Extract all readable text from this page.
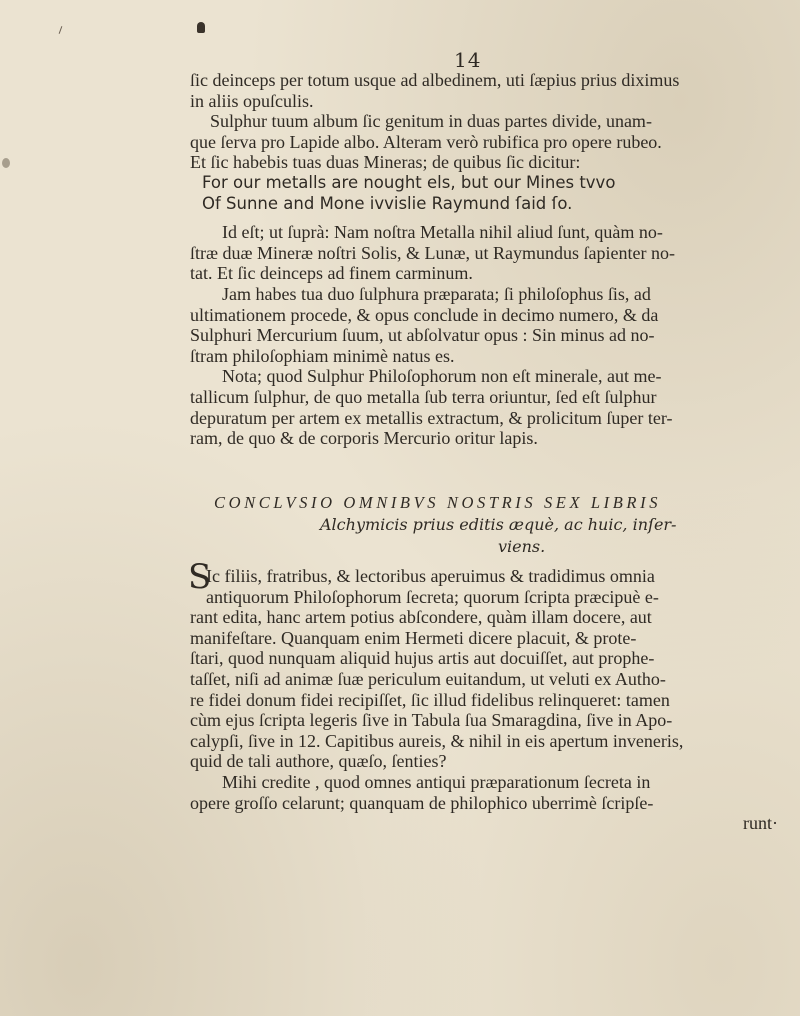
14
ſic deinceps per totum usque ad albedinem, uti ſæpius prius diximus
in aliis opuſculis.
Sulphur tuum album ſic genitum in duas partes divide, unam-
que ſerva pro Lapide albo. Alteram verò rubifica pro opere rubeo.
Et ſic habebis tuas duas Mineras; de quibus ſic dicitur:
For our metalls are nought els, but our Mines tvvo
Of Sunne and Mone ivvislie Raymund ſaid ſo.
Id eſt; ut ſuprà: Nam noſtra Metalla nihil aliud ſunt, quàm no-
ſtræ duæ Mineræ noſtri Solis, & Lunæ, ut Raymundus ſapienter no-
tat. Et ſic deinceps ad finem carminum.
Jam habes tua duo ſulphura præparata; ſi philoſophus ſis, ad
ultimationem procede, & opus conclude in decimo numero, & da
Sulphuri Mercurium ſuum, ut abſolvatur opus : Sin minus ad no-
ſtram philoſophiam minimè natus es.
Nota; quod Sulphur Philoſophorum non eſt minerale, aut me-
tallicum ſulphur, de quo metalla ſub terra oriuntur, ſed eſt ſulphur
depuratum per artem ex metallis extractum, & prolicitum ſuper ter-
ram, de quo & de corporis Mercurio oritur lapis.
CONCLVSIO OMNIBVS NOSTRIS SEX LIBRIS
Alchymicis prius editis æquè, ac huic, inſer-
viens.
S
Ic filiis, fratribus, & lectoribus aperuimus & tradidimus omnia
antiquorum Philoſophorum ſecreta; quorum ſcripta præcipuè e-
rant edita, hanc artem potius abſcondere, quàm illam docere, aut
manifeſtare. Quanquam enim Hermeti dicere placuit, & prote-
ſtari, quod nunquam aliquid hujus artis aut docuiſſet, aut prophe-
taſſet, niſi ad animæ ſuæ periculum euitandum, ut veluti ex Autho-
re fidei donum fidei recipiſſet, ſic illud fidelibus relinqueret: tamen
cùm ejus ſcripta legeris ſive in Tabula ſua Smaragdina, ſive in Apo-
calypſi, ſive in 12. Capitibus aureis, & nihil in eis apertum inveneris,
quid de tali authore, quæſo, ſenties?
Mihi credite , quod omnes antiqui præparationum ſecreta in
opere groſſo celarunt; quanquam de philophico uberrimè ſcripſe-
runt·
